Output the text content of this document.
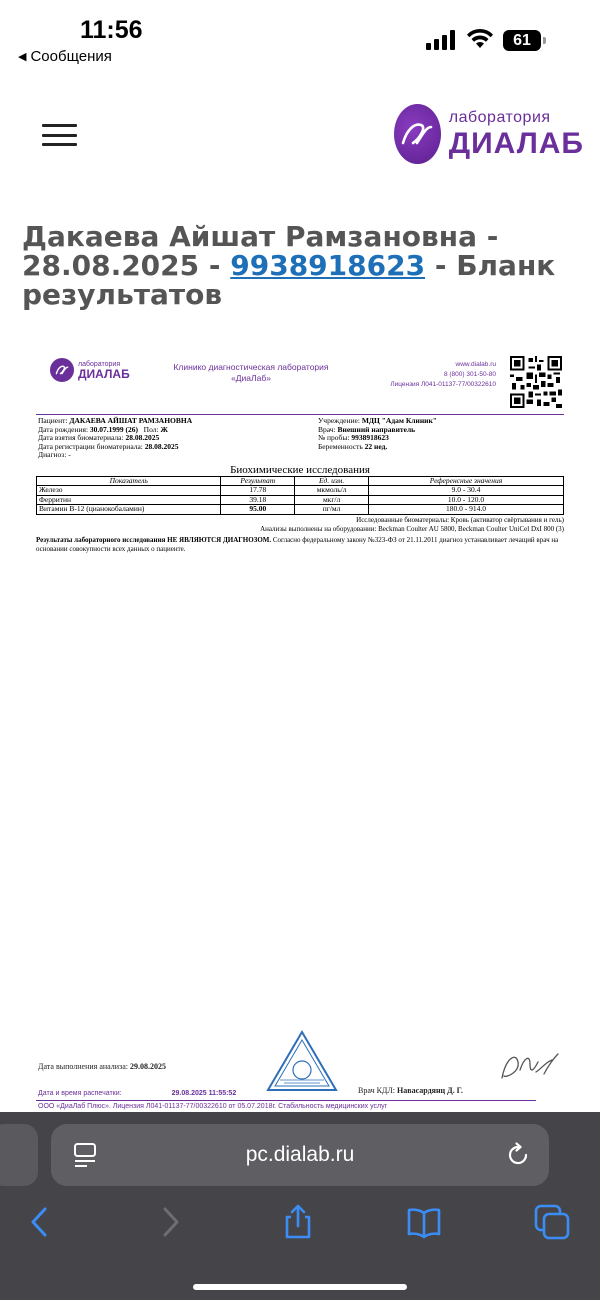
11:56
◀ Сообщения
61
лаборатория
ДИАЛАБ
Дакаева Айшат Рамзановна - 28.08.2025 - 9938918623 - Бланк результатов
лаборатория
ДИАЛАБ	Клинико диагностическая лаборатория
«ДиаЛаб»
www.dialab.ru
8 (800) 301-50-80
Лицензия Л041-01137-77/00322610
Пациент: ДАКАЕВА АЙШАТ РАМЗАНОВНА
Дата рождения: 30.07.1999 (26)   Пол: Ж
Дата взятия биоматериала: 28.08.2025
Дата регистрации биоматериала: 28.08.2025
Диагноз: -
Учреждение: МДЦ "Адам Клиник"
Врач: Внешний направитель
№ пробы: 9938918623
Беременность 22 нед.
Биохимические исследования
Показатель	Результат	Ед. изм.	Референсные значения
Железо	17.78	мкмоль/л	9.0 - 30.4
Ферритин	39.18	мкг/л	10.0 - 120.0
Витамин В-12 (цианокобаламин)	95.00	пг/мл	180.0 - 914.0
Исследованные биоматериалы: Кровь (активатор свёртывания и гель)
Анализы выполнены на оборудовании: Beckman Coulter AU 5800, Beckman Coulter UniCel DxI 800 (3)
Результаты лабораторного исследования НЕ ЯВЛЯЮТСЯ ДИАГНОЗОМ. Согласно федеральному закону №323-ФЗ от 21.11.2011 диагноз устанавливает лечащий врач на основании совокупности всех данных о пациенте.
Дата выполнения анализа: 29.08.2025
Дата и время распечатки:	29.08.2025 11:55:52	Врач КДЛ: Навасардянц Д. Г.
ООО «ДиаЛаб Плюс». Лицензия Л041-01137-77/00322610 от 05.07.2018г. Стабильность медицинских услуг
pc.dialab.ru
